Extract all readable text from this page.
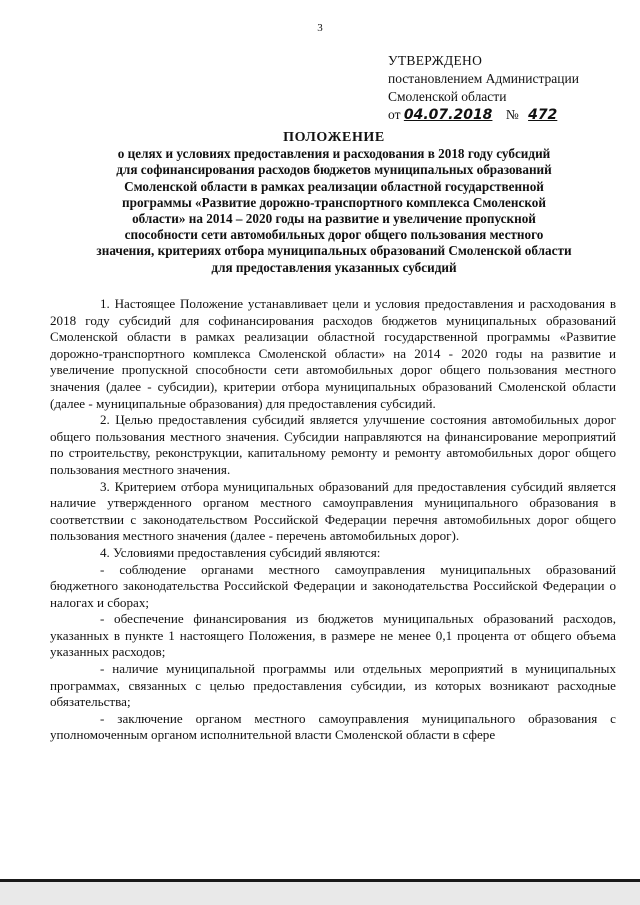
3
УТВЕРЖДЕНО
постановлением Администрации
Смоленской области
от 04.07.2018 № 472
ПОЛОЖЕНИЕ
о целях и условиях предоставления и расходования в 2018 году субсидий
для софинансирования расходов бюджетов муниципальных образований
Смоленской области в рамках реализации областной государственной
программы «Развитие дорожно-транспортного комплекса Смоленской
области» на 2014 – 2020 годы на развитие и увеличение пропускной
способности сети автомобильных дорог общего пользования местного
значения, критериях отбора муниципальных образований Смоленской области
для предоставления указанных субсидий

1. Настоящее Положение устанавливает цели и условия предоставления и расходования в 2018 году субсидий для софинансирования расходов бюджетов муниципальных образований Смоленской области в рамках реализации областной государственной программы «Развитие дорожно-транспортного комплекса Смоленской области» на 2014 - 2020 годы на развитие и увеличение пропускной способности сети автомобильных дорог общего пользования местного значения (далее - субсидии), критерии отбора муниципальных образований Смоленской области (далее - муниципальные образования) для предоставления субсидий.

2. Целью предоставления субсидий является улучшение состояния автомобильных дорог общего пользования местного значения. Субсидии направляются на финансирование мероприятий по строительству, реконструкции, капитальному ремонту и ремонту автомобильных дорог общего пользования местного значения.

3. Критерием отбора муниципальных образований для предоставления субсидий является наличие утвержденного органом местного самоуправления муниципального образования в соответствии с законодательством Российской Федерации перечня автомобильных дорог общего пользования местного значения (далее - перечень автомобильных дорог).

4. Условиями предоставления субсидий являются:

- соблюдение органами местного самоуправления муниципальных образований бюджетного законодательства Российской Федерации и законодательства Российской Федерации о налогах и сборах;

- обеспечение финансирования из бюджетов муниципальных образований расходов, указанных в пункте 1 настоящего Положения, в размере не менее 0,1 процента от общего объема указанных расходов;

- наличие муниципальной программы или отдельных мероприятий в муниципальных программах, связанных с целью предоставления субсидии, из которых возникают расходные обязательства;

- заключение органом местного самоуправления муниципального образования с уполномоченным органом исполнительной власти Смоленской области в сфере
